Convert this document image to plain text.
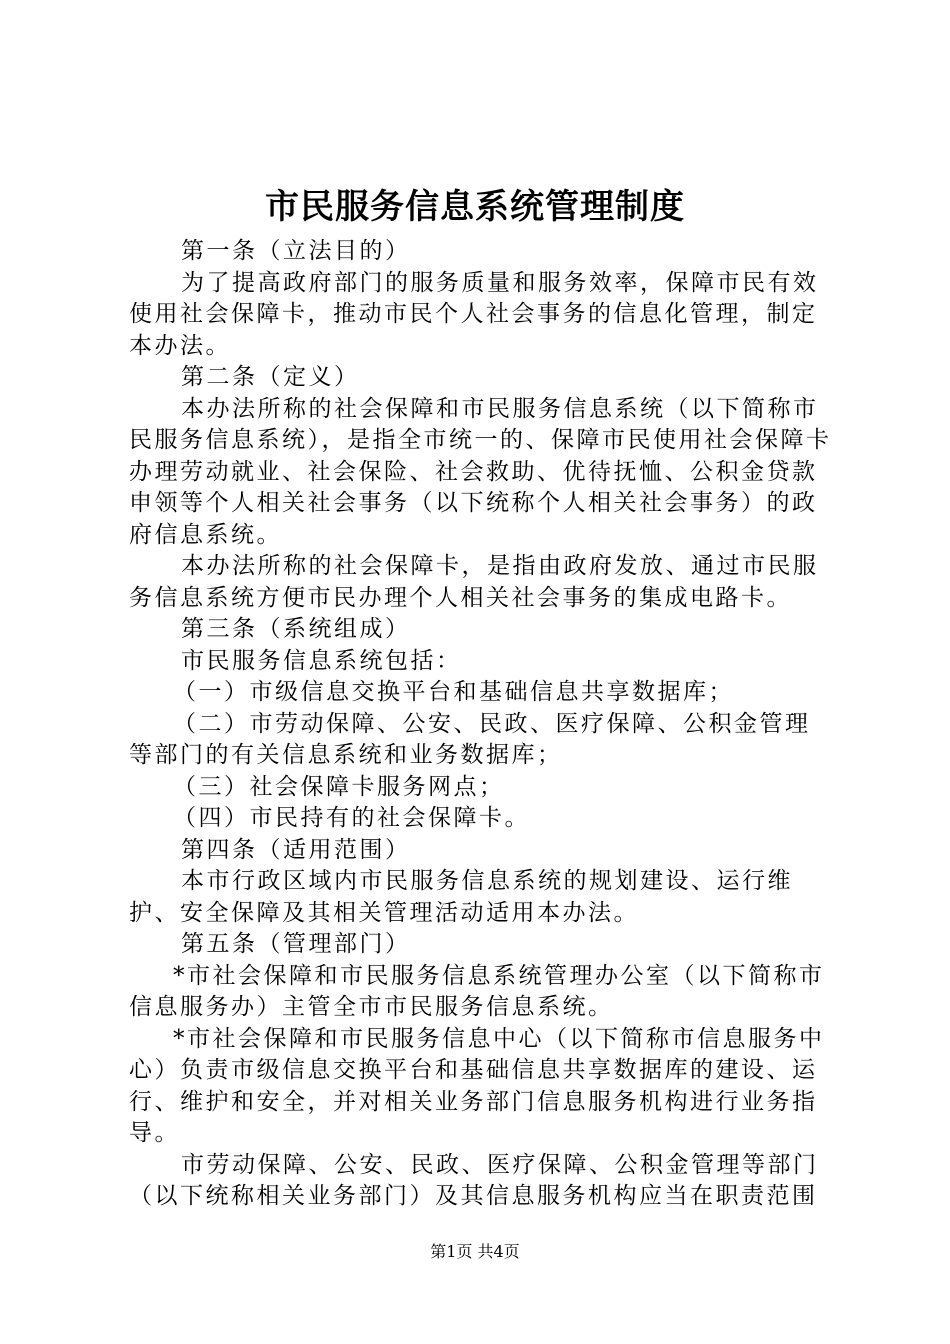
市民服务信息系统管理制度

第一条（立法目的）

为了提高政府部门的服务质量和服务效率，保障市民有效使用社会保障卡，推动市民个人社会事务的信息化管理，制定本办法。

第二条（定义）

本办法所称的社会保障和市民服务信息系统（以下简称市民服务信息系统），是指全市统一的、保障市民使用社会保障卡办理劳动就业、社会保险、社会救助、优待抚恤、公积金贷款申领等个人相关社会事务（以下统称个人相关社会事务）的政府信息系统。

本办法所称的社会保障卡，是指由政府发放、通过市民服务信息系统方便市民办理个人相关社会事务的集成电路卡。

第三条（系统组成）

市民服务信息系统包括：

（一）市级信息交换平台和基础信息共享数据库；

（二）市劳动保障、公安、民政、医疗保障、公积金管理等部门的有关信息系统和业务数据库；

（三）社会保障卡服务网点；

（四）市民持有的社会保障卡。

第四条（适用范围）

本市行政区域内市民服务信息系统的规划建设、运行维护、安全保障及其相关管理活动适用本办法。

第五条（管理部门）

*市社会保障和市民服务信息系统管理办公室（以下简称市信息服务办）主管全市市民服务信息系统。

*市社会保障和市民服务信息中心（以下简称市信息服务中心）负责市级信息交换平台和基础信息共享数据库的建设、运行、维护和安全，并对相关业务部门信息服务机构进行业务指导。

市劳动保障、公安、民政、医疗保障、公积金管理等部门（以下统称相关业务部门）及其信息服务机构应当在职责范围

第1页 共4页
